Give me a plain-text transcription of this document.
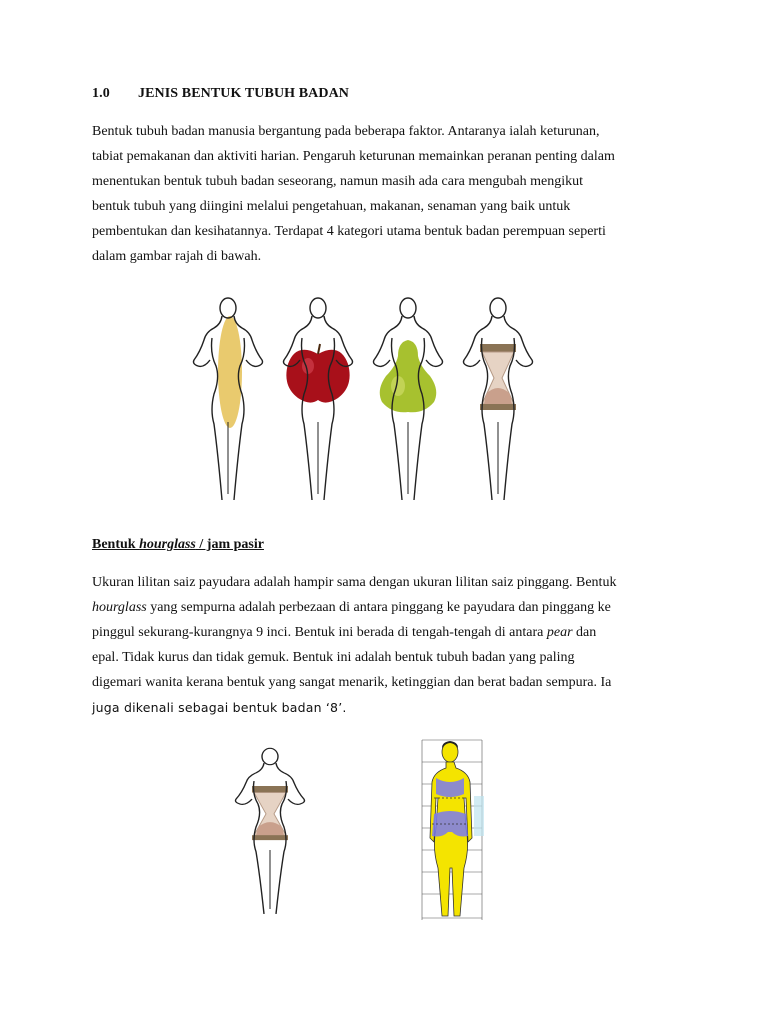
1.0 JENIS BENTUK TUBUH BADAN

Bentuk tubuh badan manusia bergantung pada beberapa faktor. Antaranya ialah keturunan,

tabiat pemakanan dan aktiviti harian. Pengaruh keturunan memainkan peranan penting dalam

menentukan bentuk tubuh badan seseorang, namun masih ada cara mengubah mengikut

bentuk tubuh yang diingini melalui pengetahuan, makanan, senaman yang baik untuk

pembentukan dan kesihatannya. Terdapat 4 kategori utama bentuk badan perempuan seperti

dalam gambar rajah di bawah.

Bentuk hourglass / jam pasir

Ukuran lilitan saiz payudara adalah hampir sama dengan ukuran lilitan saiz pinggang. Bentuk

hourglass yang sempurna adalah perbezaan di antara pinggang ke payudara dan pinggang ke

pinggul sekurang-kurangnya 9 inci. Bentuk ini berada di tengah-tengah di antara pear dan

epal. Tidak kurus dan tidak gemuk. Bentuk ini adalah bentuk tubuh badan yang paling

digemari wanita kerana bentuk yang sangat menarik, ketinggian dan berat badan sempura. Ia

juga dikenali sebagai bentuk badan ‘8’.
